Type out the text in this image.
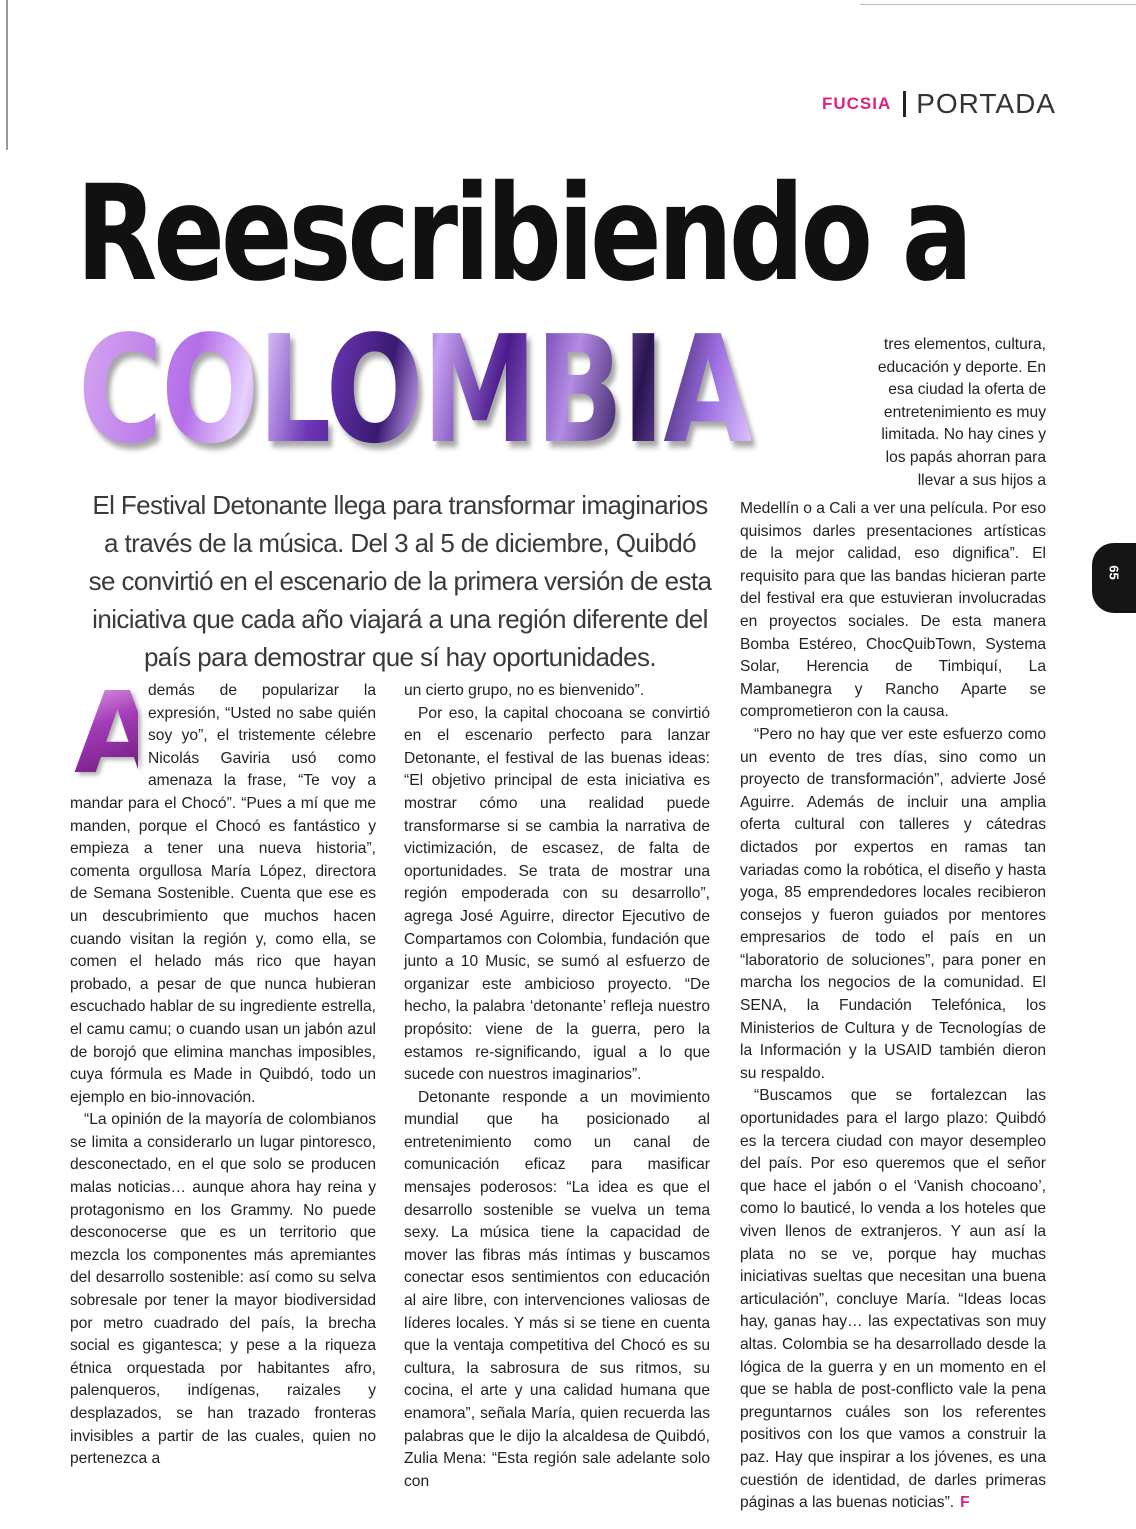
FUCSIA PORTADA
Reescribiendo a
COLOMBIA	tres elementos, cultura, educación y deporte. En esa ciudad la oferta de entretenimiento es muy limitada. No hay cines y los papás ahorran para llevar a sus hijos a

El Festival Detonante llega para transformar imaginarios a través de la música. Del 3 al 5 de diciembre, Quibdó se convirtió en el escenario de la primera versión de esta iniciativa que cada año viajará a una región diferente del país para demostrar que sí hay oportunidades.

A

demás de popularizar la expresión, “Usted no sabe quién soy yo”, el tristemente célebre Nicolás Gaviria usó como amenaza la frase, “Te voy a mandar para el Chocó”. “Pues a mí que me manden, porque el Chocó es fantástico y empieza a tener una nueva historia”, comenta orgullosa María López, directora de Semana Sostenible. Cuenta que ese es un descubrimiento que muchos hacen cuando visitan la región y, como ella, se comen el helado más rico que hayan probado, a pesar de que nunca hubieran escuchado hablar de su ingrediente estrella, el camu camu; o cuando usan un jabón azul de borojó que elimina manchas imposibles, cuya fórmula es Made in Quibdó, todo un ejemplo en bio-innovación.

“La opinión de la mayoría de colombianos se limita a considerarlo un lugar pintoresco, desconectado, en el que solo se producen malas noticias… aunque ahora hay reina y protagonismo en los Grammy. No puede desconocerse que es un territorio que mezcla los componentes más apremiantes del desarrollo sostenible: así como su selva sobresale por tener la mayor biodiversidad por metro cuadrado del país, la brecha social es gigantesca; y pese a la riqueza étnica orquestada por habitantes afro, palenqueros, indígenas, raizales y desplazados, se han trazado fronteras invisibles a partir de las cuales, quien no pertenezca a

un cierto grupo, no es bienvenido”.

Por eso, la capital chocoana se convirtió en el escenario perfecto para lanzar Detonante, el festival de las buenas ideas: “El objetivo principal de esta iniciativa es mostrar cómo una realidad puede transformarse si se cambia la narrativa de victimización, de escasez, de falta de oportunidades. Se trata de mostrar una región empoderada con su desarrollo”, agrega José Aguirre, director Ejecutivo de Compartamos con Colombia, fundación que junto a 10 Music, se sumó al esfuerzo de organizar este ambicioso proyecto. “De hecho, la palabra ‘detonante’ refleja nuestro propósito: viene de la guerra, pero la estamos re-significando, igual a lo que sucede con nuestros imaginarios”.

Detonante responde a un movimiento mundial que ha posicionado al entretenimiento como un canal de comunicación eficaz para masificar mensajes poderosos: “La idea es que el desarrollo sostenible se vuelva un tema sexy. La música tiene la capacidad de mover las fibras más íntimas y buscamos conectar esos sentimientos con educación al aire libre, con intervenciones valiosas de líderes locales. Y más si se tiene en cuenta que la ventaja competitiva del Chocó es su cultura, la sabrosura de sus ritmos, su cocina, el arte y una calidad humana que enamora”, señala María, quien recuerda las palabras que le dijo la alcaldesa de Quibdó, Zulia Mena: “Esta región sale adelante solo con

Medellín o a Cali a ver una película. Por eso quisimos darles presentaciones artísticas de la mejor calidad, eso dignifica”. El requisito para que las bandas hicieran parte del festival era que estuvieran involucradas en proyectos sociales. De esta manera Bomba Estéreo, ChocQuibTown, Systema Solar, Herencia de Timbiquí, La Mambanegra y Rancho Aparte se comprometieron con la causa.

“Pero no hay que ver este esfuerzo como un evento de tres días, sino como un proyecto de transformación”, advierte José Aguirre. Además de incluir una amplia oferta cultural con talleres y cátedras dictados por expertos en ramas tan variadas como la robótica, el diseño y hasta yoga, 85 emprendedores locales recibieron consejos y fueron guiados por mentores empresarios de todo el país en un “laboratorio de soluciones”, para poner en marcha los negocios de la comunidad. El SENA, la Fundación Telefónica, los Ministerios de Cultura y de Tecnologías de la Información y la USAID también dieron su respaldo.

“Buscamos que se fortalezcan las oportunidades para el largo plazo: Quibdó es la tercera ciudad con mayor desempleo del país. Por eso queremos que el señor que hace el jabón o el ‘Vanish chocoano’, como lo bauticé, lo venda a los hoteles que viven llenos de extranjeros. Y aun así la plata no se ve, porque hay muchas iniciativas sueltas que necesitan una buena articulación”, concluye María. “Ideas locas hay, ganas hay… las expectativas son muy altas. Colombia se ha desarrollado desde la lógica de la guerra y en un momento en el que se habla de post-conflicto vale la pena preguntarnos cuáles son los referentes positivos con los que vamos a construir la paz. Hay que inspirar a los jóvenes, es una cuestión de identidad, de darles primeras páginas a las buenas noticias”. F

65
